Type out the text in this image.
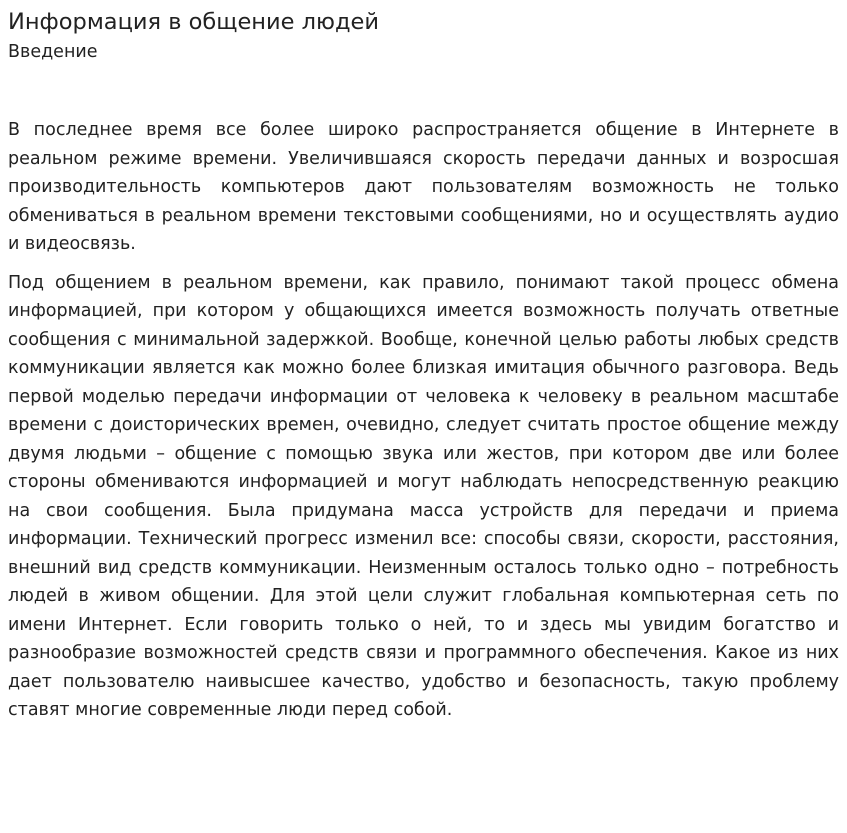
Информация в общение людей
Введение

В последнее время все более широко распространяется общение в Интернете в реальном режиме времени. Увеличившаяся скорость передачи данных и возросшая производительность компьютеров дают пользователям возможность не только обмениваться в реальном времени текстовыми сообщениями, но и осуществлять аудио и видеосвязь.

Под общением в реальном времени, как правило, понимают такой процесс обмена информацией, при котором у общающихся имеется возможность получать ответные сообщения с минимальной задержкой. Вообще, конечной целью работы любых средств коммуникации является как можно более близкая имитация обычного разговора. Ведь первой моделью передачи информации от человека к человеку в реальном масштабе времени с доисторических времен, очевидно, следует считать простое общение между двумя людьми – общение с помощью звука или жестов, при котором две или более стороны обмениваются информацией и могут наблюдать непосредственную реакцию на свои сообщения. Была придумана масса устройств для передачи и приема информации. Технический прогресс изменил все: способы связи, скорости, расстояния, внешний вид средств коммуникации. Неизменным осталось только одно – потребность людей в живом общении. Для этой цели служит глобальная компьютерная сеть по имени Интернет. Если говорить только о ней, то и здесь мы увидим богатство и разнообразие возможностей средств связи и программного обеспечения. Какое из них дает пользователю наивысшее качество, удобство и безопасность, такую проблему ставят многие современные люди перед собой.
